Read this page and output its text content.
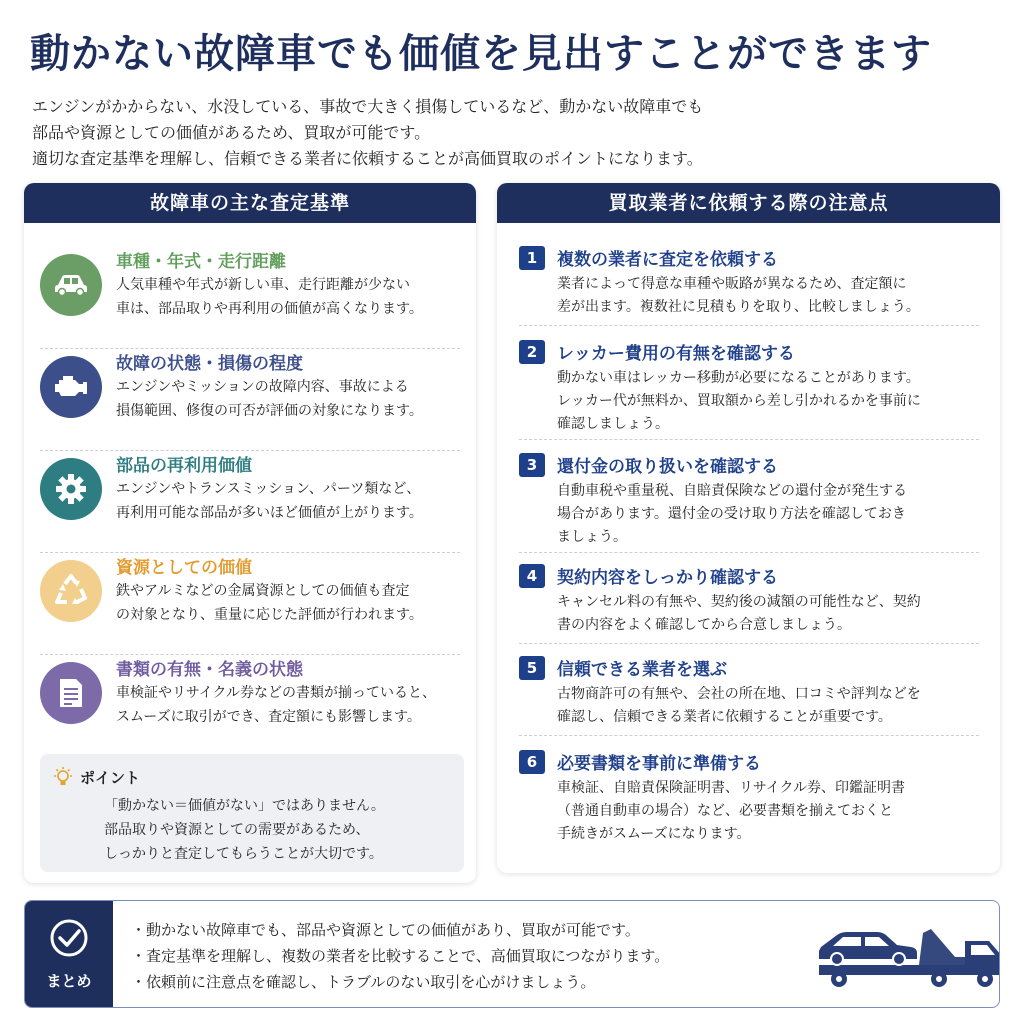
動かない故障車でも価値を見出すことができます

エンジンがかからない、水没している、事故で大きく損傷しているなど、動かない故障車でも

部品や資源としての価値があるため、買取が可能です。

適切な査定基準を理解し、信頼できる業者に依頼することが高価買取のポイントになります。

故障車の主な査定基準
車種・年式・走行距離

人気車種や年式が新しい車、走行距離が少ない

車は、部品取りや再利用の価値が高くなります。

故障の状態・損傷の程度

エンジンやミッションの故障内容、事故による

損傷範囲、修復の可否が評価の対象になります。

部品の再利用価値

エンジンやトランスミッション、パーツ類など、

再利用可能な部品が多いほど価値が上がります。

資源としての価値

鉄やアルミなどの金属資源としての価値も査定

の対象となり、重量に応じた評価が行われます。

書類の有無・名義の状態

車検証やリサイクル券などの書類が揃っていると、

スムーズに取引ができ、査定額にも影響します。

ポイント

「動かない＝価値がない」ではありません。

部品取りや資源としての需要があるため、

しっかりと査定してもらうことが大切です。

買取業者に依頼する際の注意点
1	複数の業者に査定を依頼する

業者によって得意な車種や販路が異なるため、査定額に

差が出ます。複数社に見積もりを取り、比較しましょう。

2	レッカー費用の有無を確認する

動かない車はレッカー移動が必要になることがあります。

レッカー代が無料か、買取額から差し引かれるかを事前に

確認しましょう。

3	還付金の取り扱いを確認する

自動車税や重量税、自賠責保険などの還付金が発生する

場合があります。還付金の受け取り方法を確認しておき

ましょう。

4	契約内容をしっかり確認する

キャンセル料の有無や、契約後の減額の可能性など、契約

書の内容をよく確認してから合意しましょう。

5	信頼できる業者を選ぶ

古物商許可の有無や、会社の所在地、口コミや評判などを

確認し、信頼できる業者に依頼することが重要です。

6	必要書類を事前に準備する

車検証、自賠責保険証明書、リサイクル券、印鑑証明書

（普通自動車の場合）など、必要書類を揃えておくと

手続きがスムーズになります。

まとめ
・ 動かない故障車でも、部品や資源としての価値があり、買取が可能です。
・ 査定基準を理解し、複数の業者を比較することで、高価買取につながります。
・ 依頼前に注意点を確認し、トラブルのない取引を心がけましょう。
